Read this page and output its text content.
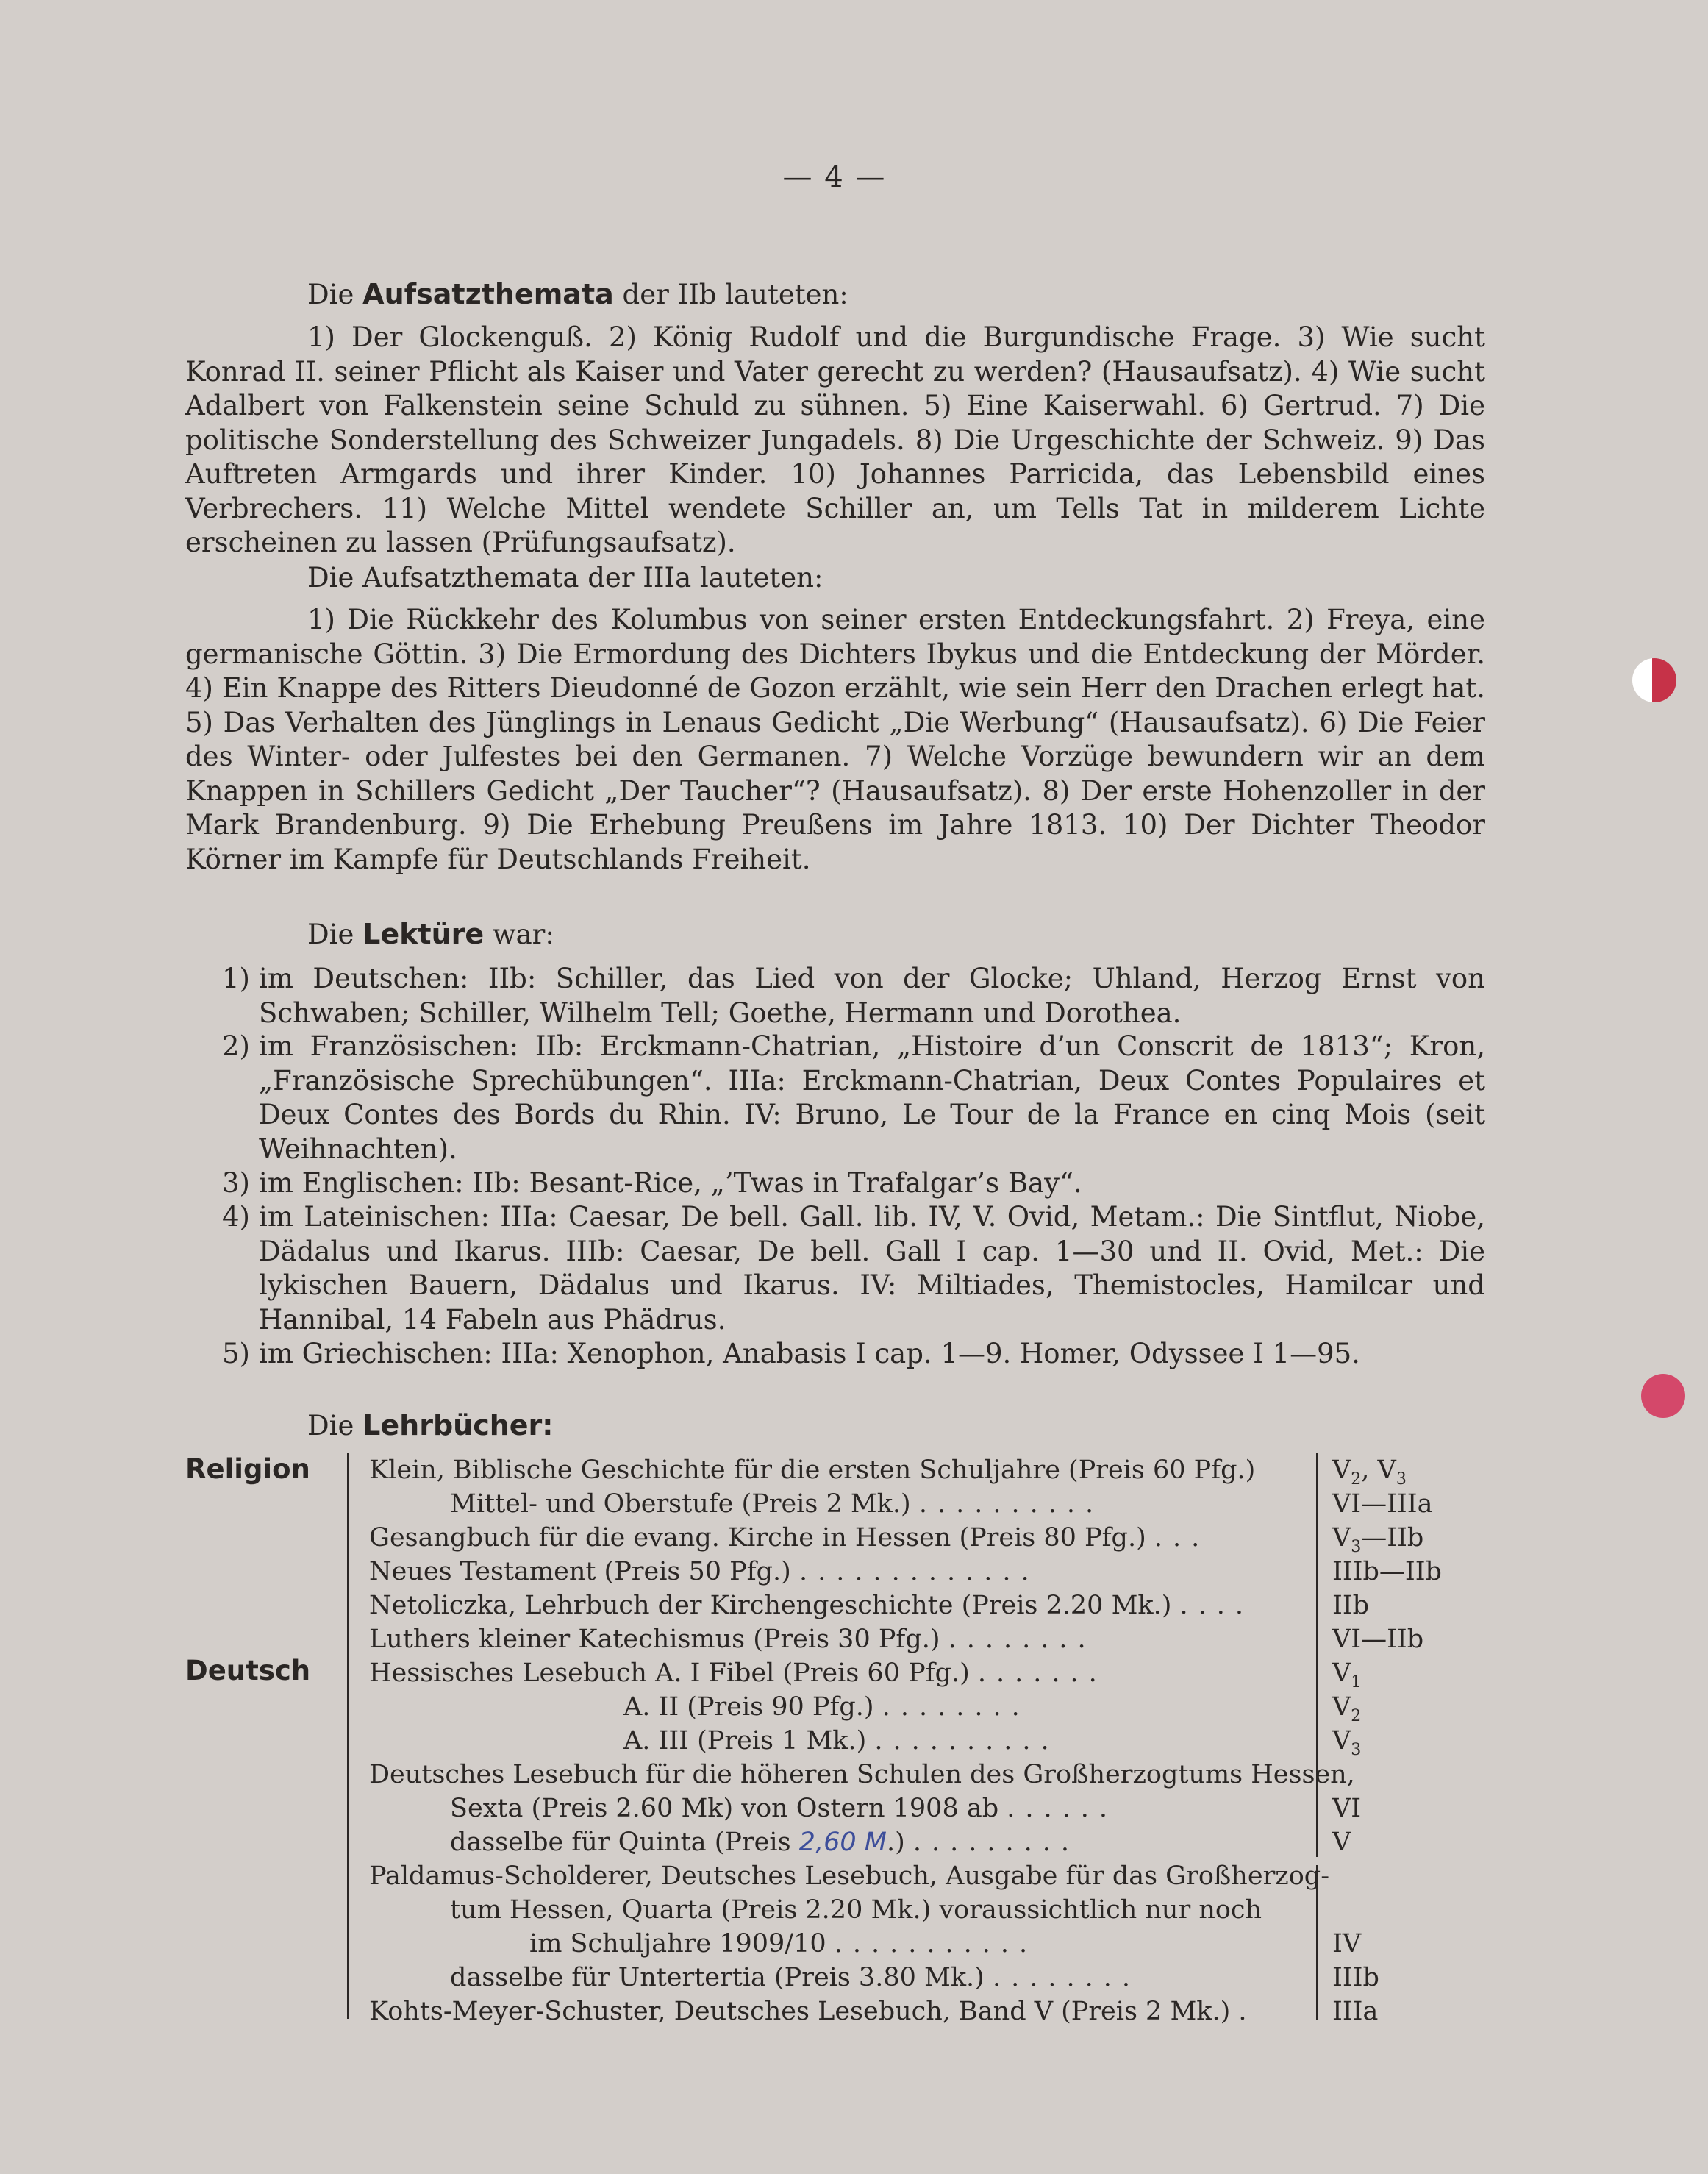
— 4 —
Die Aufsatzthemata der IIb lauteten:
1) Der Glockenguß. 2) König Rudolf und die Burgundische Frage. 3) Wie sucht Konrad II. seiner Pflicht als Kaiser und Vater gerecht zu werden? (Hausaufsatz). 4) Wie sucht Adalbert von Falkenstein seine Schuld zu sühnen. 5) Eine Kaiserwahl. 6) Gertrud. 7) Die politische Sonderstellung des Schweizer Jungadels. 8) Die Urgeschichte der Schweiz. 9) Das Auftreten Armgards und ihrer Kinder. 10) Johannes Parricida, das Lebensbild eines Verbrechers. 11) Welche Mittel wendete Schiller an, um Tells Tat in milderem Lichte erscheinen zu lassen (Prüfungsaufsatz).
Die Aufsatzthemata der IIIa lauteten:
1) Die Rückkehr des Kolumbus von seiner ersten Entdeckungsfahrt. 2) Freya, eine germanische Göttin. 3) Die Ermordung des Dichters Ibykus und die Entdeckung der Mörder. 4) Ein Knappe des Ritters Dieudonné de Gozon erzählt, wie sein Herr den Drachen erlegt hat. 5) Das Verhalten des Jünglings in Lenaus Gedicht „Die Werbung“ (Hausaufsatz). 6) Die Feier des Winter- oder Julfestes bei den Germanen. 7) Welche Vorzüge bewundern wir an dem Knappen in Schillers Gedicht „Der Taucher“? (Hausaufsatz). 8) Der erste Hohenzoller in der Mark Brandenburg. 9) Die Erhebung Preußens im Jahre 1813. 10) Der Dichter Theodor Körner im Kampfe für Deutschlands Freiheit.
Die Lektüre war:
1) im Deutschen: IIb: Schiller, das Lied von der Glocke; Uhland, Herzog Ernst von Schwaben; Schiller, Wilhelm Tell; Goethe, Hermann und Dorothea.
2) im Französischen: IIb: Erckmann-Chatrian, „Histoire d’un Conscrit de 1813“; Kron, „Französische Sprechübungen“. IIIa: Erckmann-Chatrian, Deux Contes Populaires et Deux Contes des Bords du Rhin. IV: Bruno, Le Tour de la France en cinq Mois (seit Weihnachten).
3) im Englischen: IIb: Besant-Rice, „’Twas in Trafalgar’s Bay“.
4) im Lateinischen: IIIa: Caesar, De bell. Gall. lib. IV, V. Ovid, Metam.: Die Sintflut, Niobe, Dädalus und Ikarus. IIIb: Caesar, De bell. Gall I cap. 1—30 und II. Ovid, Met.: Die lykischen Bauern, Dädalus und Ikarus. IV: Miltiades, Themistocles, Hamilcar und Hannibal, 14 Fabeln aus Phädrus.
5) im Griechischen: IIIa: Xenophon, Anabasis I cap. 1—9. Homer, Odyssee I 1—95.
Die Lehrbücher:
Religion
Deutsch
Klein, Biblische Geschichte für die ersten Schuljahre (Preis 60 Pfg.)	$V_2$, $V_3$
Mittel- und Oberstufe (Preis 2 Mk.) ..........	VI—IIIa
Gesangbuch für die evang. Kirche in Hessen (Preis 80 Pfg.) ...	$V_3—IIb$
Neues Testament (Preis 50 Pfg.) .............	IIIb—IIb
Netoliczka, Lehrbuch der Kirchengeschichte (Preis 2.20 Mk.) ....	IIb
Luthers kleiner Katechismus (Preis 30 Pfg.) ........	VI—IIb
Hessisches Lesebuch A. I Fibel (Preis 60 Pfg.) .......	$V_1$
A. II (Preis 90 Pfg.) ........	$V_2$
A. III (Preis 1 Mk.) ..........	$V_3$
Deutsches Lesebuch für die höheren Schulen des Großherzogtums Hessen,
Sexta (Preis 2.60 Mk) von Ostern 1908 ab ......	VI
dasselbe für Quinta (Preis 2,60 M.) .........	V
Paldamus-Scholderer, Deutsches Lesebuch, Ausgabe für das Großherzog-
tum Hessen, Quarta (Preis 2.20 Mk.) voraussichtlich nur noch
im Schuljahre 1909/10 ...........	IV
dasselbe für Untertertia (Preis 3.80 Mk.) ........	IIIb
Kohts-Meyer-Schuster, Deutsches Lesebuch, Band V (Preis 2 Mk.) .	IIIa
